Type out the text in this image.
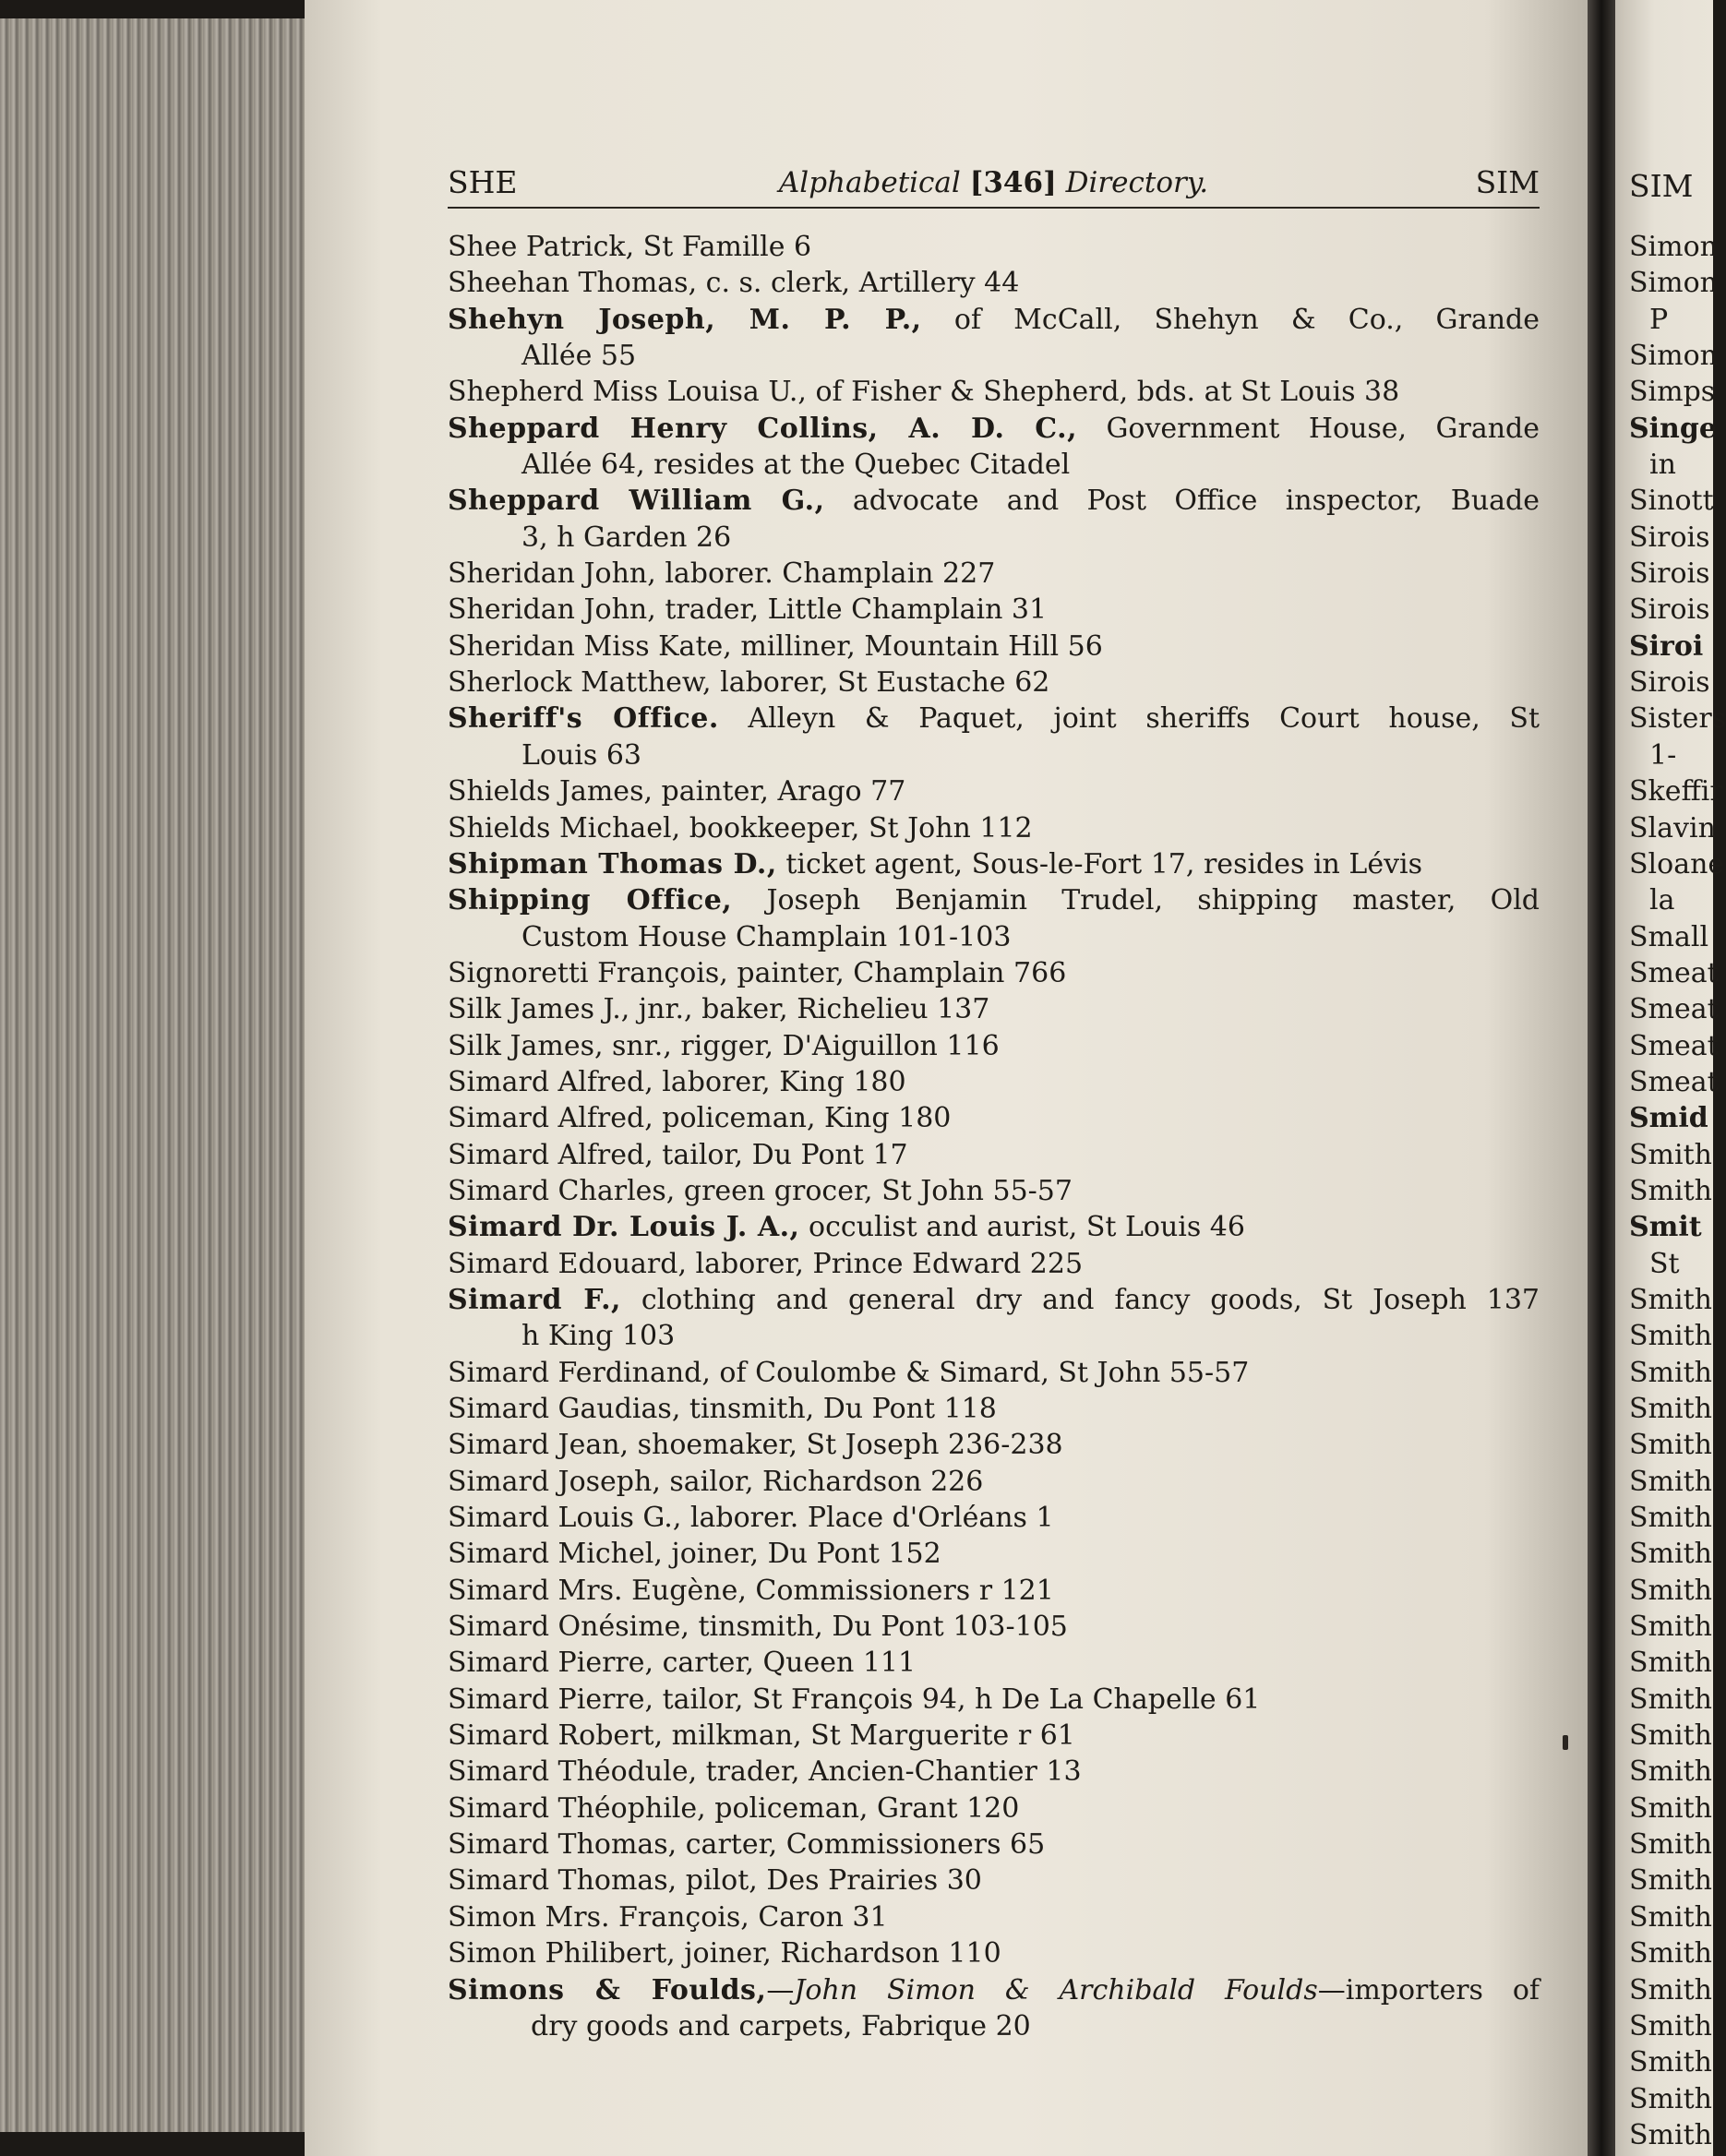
SIM
Simon
Simon
P
Simon
Simps
Singe
in
Sinott
Sirois
Sirois
Sirois
Siroi
Sirois
Sisters
1-
Skeffir
Slavin
Sloane
la
Small
Smeat
Smeat
Smeat
Smeat
Smid
Smith
Smith
Smit
St
Smith
Smith
Smith
Smith
Smith
Smith
Smith
Smith
Smith
Smith
Smith
Smith
Smith
Smith
Smith
Smith
Smith
Smith
Smith
Smith
Smith
Smith
Smith
Smith
SHE	Alphabetical [346] Directory.	SIM
Shee Patrick, St Famille 6
Sheehan Thomas, c. s. clerk, Artillery 44
Shehyn Joseph, M. P. P., of McCall, Shehyn & Co., Grande
Allée 55
Shepherd Miss Louisa U., of Fisher & Shepherd, bds. at St Louis 38
Sheppard Henry Collins, A. D. C., Government House, Grande
Allée 64, resides at the Quebec Citadel
Sheppard William G., advocate and Post Office inspector, Buade
3, h Garden 26
Sheridan John, laborer. Champlain 227
Sheridan John, trader, Little Champlain 31
Sheridan Miss Kate, milliner, Mountain Hill 56
Sherlock Matthew, laborer, St Eustache 62
Sheriff's Office. Alleyn & Paquet, joint sheriffs Court house, St
Louis 63
Shields James, painter, Arago 77
Shields Michael, bookkeeper, St John 112
Shipman Thomas D., ticket agent, Sous-le-Fort 17, resides in Lévis
Shipping Office, Joseph Benjamin Trudel, shipping master, Old
Custom House Champlain 101-103
Signoretti François, painter, Champlain 766
Silk James J., jnr., baker, Richelieu 137
Silk James, snr., rigger, D'Aiguillon 116
Simard Alfred, laborer, King 180
Simard Alfred, policeman, King 180
Simard Alfred, tailor, Du Pont 17
Simard Charles, green grocer, St John 55-57
Simard Dr. Louis J. A., occulist and aurist, St Louis 46
Simard Edouard, laborer, Prince Edward 225
Simard F., clothing and general dry and fancy goods, St Joseph 137
h King 103
Simard Ferdinand, of Coulombe & Simard, St John 55-57
Simard Gaudias, tinsmith, Du Pont 118
Simard Jean, shoemaker, St Joseph 236-238
Simard Joseph, sailor, Richardson 226
Simard Louis G., laborer. Place d'Orléans 1
Simard Michel, joiner, Du Pont 152
Simard Mrs. Eugène, Commissioners r 121
Simard Onésime, tinsmith, Du Pont 103-105
Simard Pierre, carter, Queen 111
Simard Pierre, tailor, St François 94, h De La Chapelle 61
Simard Robert, milkman, St Marguerite r 61
Simard Théodule, trader, Ancien-Chantier 13
Simard Théophile, policeman, Grant 120
Simard Thomas, carter, Commissioners 65
Simard Thomas, pilot, Des Prairies 30
Simon Mrs. François, Caron 31
Simon Philibert, joiner, Richardson 110
Simons & Foulds,—John Simon & Archibald Foulds—importers of
dry goods and carpets, Fabrique 20
